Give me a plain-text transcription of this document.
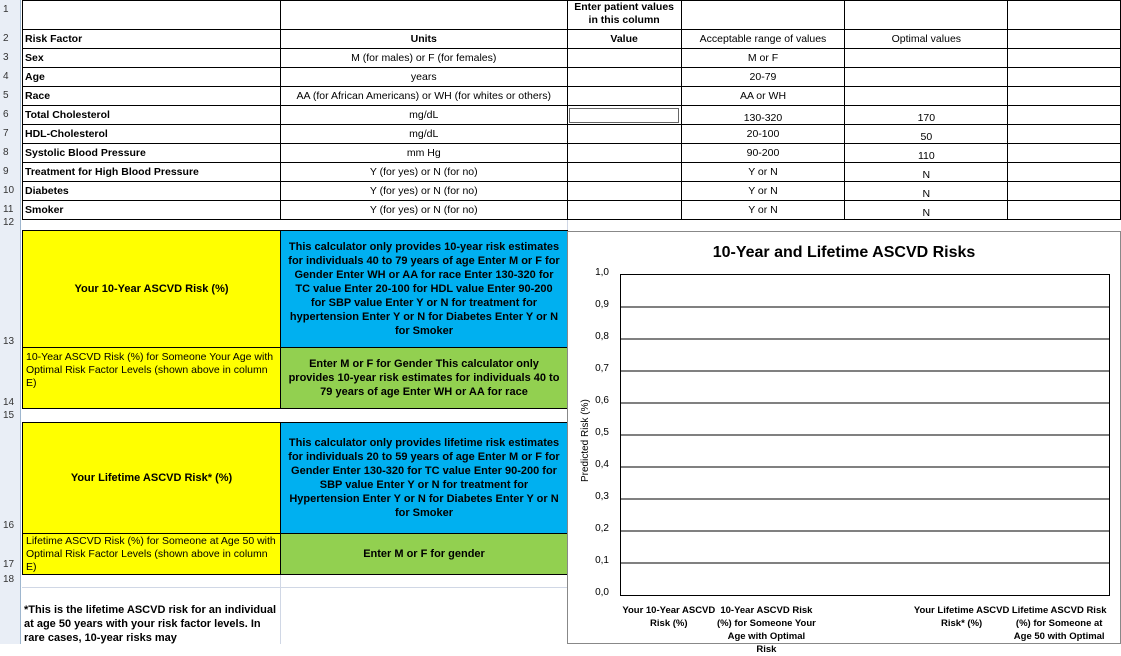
1
2
3
4
5
6
7
8
9
10
11
12
13
14
15
16
17
18
		Enter patient values in this column			
Risk Factor	Units	Value	Acceptable range of values	Optimal values	
Sex	M (for males) or F (for females)		M or F		
Age	years		20-79		
Race	AA (for African Americans) or WH (for whites or others)		AA or WH		
Total Cholesterol	mg/dL		130-320	170	
HDL-Cholesterol	mg/dL		20-100	50	
Systolic Blood Pressure	mm Hg		90-200	110	
Treatment for High Blood Pressure	Y (for yes) or N (for no)		Y or N	N	
Diabetes	Y (for yes) or N (for no)		Y or N	N	
Smoker	Y (for yes) or N (for no)		Y or N	N	
Your 10-Year ASCVD Risk (%)
This calculator only provides 10-year risk estimates for individuals 40 to 79 years of age Enter M or F for Gender Enter WH or AA for race Enter 130-320 for TC value Enter 20-100 for HDL value Enter 90-200 for SBP value Enter Y or N for treatment for hypertension Enter Y or N for Diabetes Enter Y or N for Smoker
10-Year ASCVD Risk (%) for Someone Your Age with Optimal Risk Factor Levels (shown above in column E)
Enter M or F for Gender This calculator only provides 10-year risk estimates for individuals 40 to 79 years of age Enter WH or AA for race
Your Lifetime ASCVD Risk* (%)
This calculator only provides lifetime risk estimates for individuals 20 to 59 years of age Enter M or F for Gender Enter 130-320 for TC value Enter 90-200 for SBP value Enter Y or N for treatment for Hypertension Enter Y or N for Diabetes Enter Y or N for Smoker
Lifetime ASCVD Risk (%) for Someone at Age 50 with Optimal Risk Factor Levels (shown above in column E)
Enter M or F for gender
*This is the lifetime ASCVD risk for an individual at age 50 years with your risk factor levels. In rare cases, 10-year risks may
10-Year and Lifetime ASCVD Risks
0,0
0,1
0,2
0,3
0,4
0,5
0,6
0,7
0,8
0,9
1,0
Predicted Risk (%)
Your 10-Year ASCVD
Risk (%)
10-Year ASCVD Risk
(%) for Someone Your
Age with Optimal Risk
Your Lifetime ASCVD
Risk* (%)
Lifetime ASCVD Risk
(%) for Someone at
Age 50 with Optimal
